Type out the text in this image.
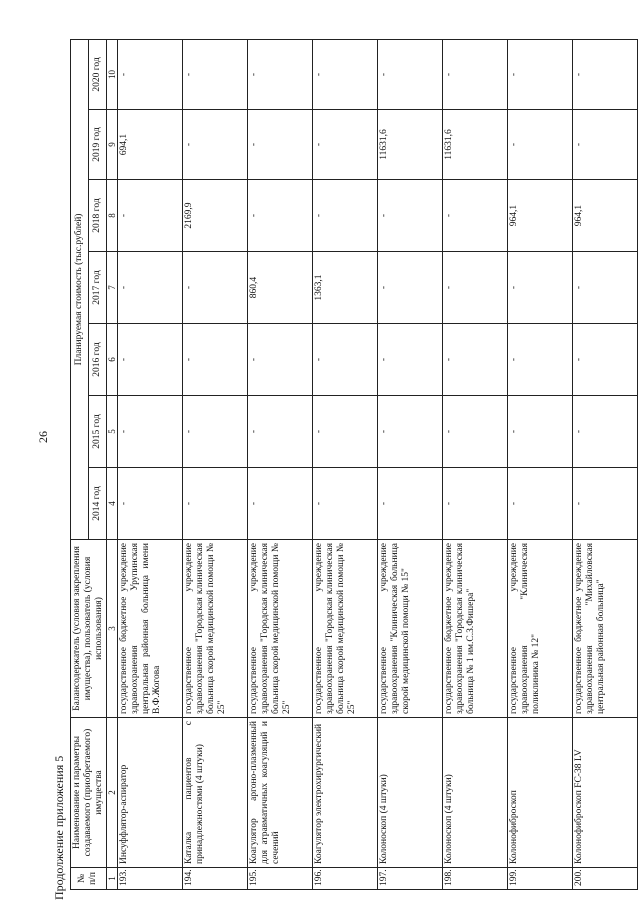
26
Продолжение приложения 5 № п/п	Наименование и параметры создаваемого (приобретаемого) имущества	Балансодержатель (условия закрепления имущества), пользователь (условия использования)	Планируемая стоимость (тыс.рублей)						
			2014 год	2015 год	2016 год	2017 год	2018 год	2019 год	2020 год
1	2	3	4	5	6	7	8	9	10
193.	Инсуффлятор-аспиратор	государственное бюджетное учреждение здравоохранения Урупинская центральная районная больница имени В.Ф.Жогова	-	-	-	-	-	694,1	-
194.	Каталка пациентов с принадлежностями (4 штуки)	государственное учреждение здравоохранения "Городская клиническая больница скорой медицинской помощи № 25"	-	-	-	-	2169,9	-	-
195.	Коагулятор аргоно-плазменный для атравматичных коагуляций и сечений	государственное учреждение здравоохранения "Городская клиническая больница скорой медицинской помощи № 25"	-	-	-	860,4	-	-	-
196.	Коагулятор электрохирургический	государственное учреждение здравоохранения "Городская клиническая больница скорой медицинской помощи № 25"	-	-	-	1363,1	-	-	-
197.	Колоноскоп (4 штуки)	государственное учреждение здравоохранения "Клиническая больница скорой медицинской помощи № 15"	-	-	-	-	-	11631,6	-
198.	Колоноскоп (4 штуки)	государственное бюджетное учреждение здравоохранения "Городская клиническая больница № 1 им.С.З.Фишера"	-	-	-	-	-	11631,6	-
199.	Колонофиброскоп	государственное учреждение здравоохранения "Клиническая поликлиника № 12"	-	-	-	-	964,1	-	-
200.	Колонофиброскоп FC-38 LV	государственное бюджетное учреждение здравоохранения "Михайловская центральная районная больница"	-	-	-	-	964,1	-	-
